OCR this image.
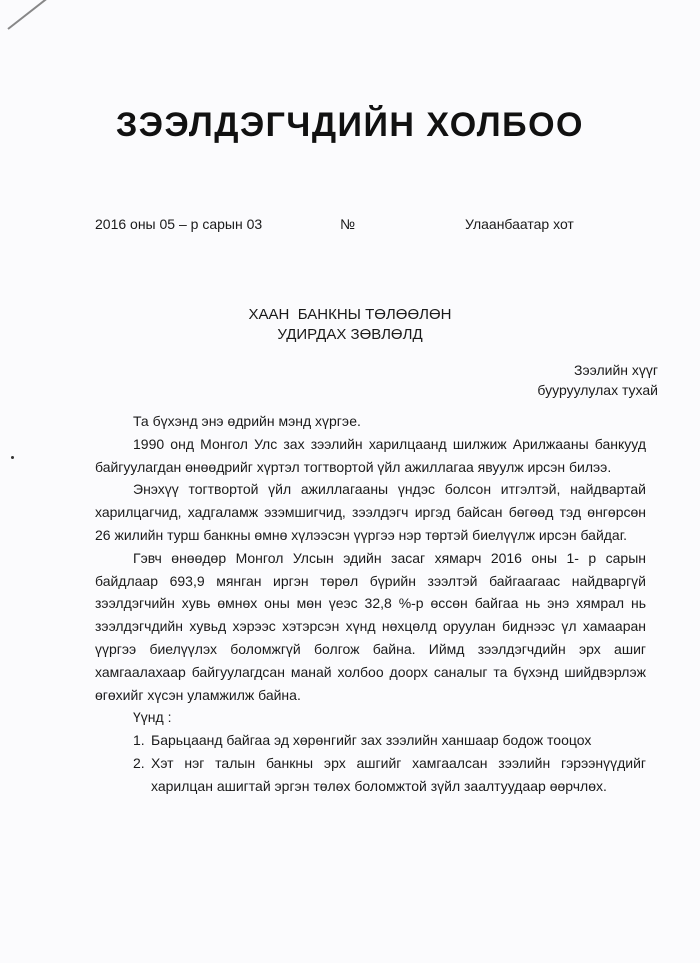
ЗЭЭЛДЭГЧДИЙН ХОЛБОО
2016 оны 05 – р сарын 03	№	Улаанбаатар хот
ХААН  БАНКНЫ ТӨЛӨӨЛӨН
УДИРДАХ ЗӨВЛӨЛД
Зээлийн хүүг
бууруулулах тухай

Та бүхэнд энэ өдрийн мэнд хүргэе.

1990 онд Монгол Улс зах зээлийн харилцаанд шилжиж Арилжааны банкууд байгуулагдан өнөөдрийг хүртэл тогтвортой үйл ажиллагаа явуулж ирсэн билээ.

Энэхүү тогтвортой үйл ажиллагааны үндэс болсон итгэлтэй, найдвартай харилцагчид, хадгаламж эзэмшигчид, зээлдэгч иргэд байсан бөгөөд тэд өнгөрсөн 26 жилийн турш банкны өмнө хүлээсэн үүргээ нэр төртэй биелүүлж ирсэн байдаг.

Гэвч өнөөдөр Монгол Улсын эдийн засаг хямарч 2016 оны 1- р сарын байдлаар 693,9 мянган иргэн төрөл бүрийн зээлтэй байгаагаас найдваргүй зээлдэгчийн хувь өмнөх оны мөн үеэс 32,8 %-р өссөн байгаа нь энэ хямрал нь зээлдэгчдийн хувьд хэрээс хэтэрсэн хүнд нөхцөлд оруулан биднээс үл хамааран үүргээ биелүүлэх боломжгүй болгож байна. Иймд зээлдэгчдийн эрх ашиг хамгаалахаар байгуулагдсан манай холбоо доорх саналыг та бүхэнд шийдвэрлэж өгөхийг хүсэн уламжилж байна.

Үүнд :

1. Барьцаанд байгаа эд хөрөнгийг зах зээлийн ханшаар бодож тооцох
2. Хэт нэг талын банкны эрх ашгийг хамгаалсан зээлийн гэрээнүүдийг харилцан ашигтай эргэн төлөх боломжтой зүйл заалтуудаар өөрчлөх.
